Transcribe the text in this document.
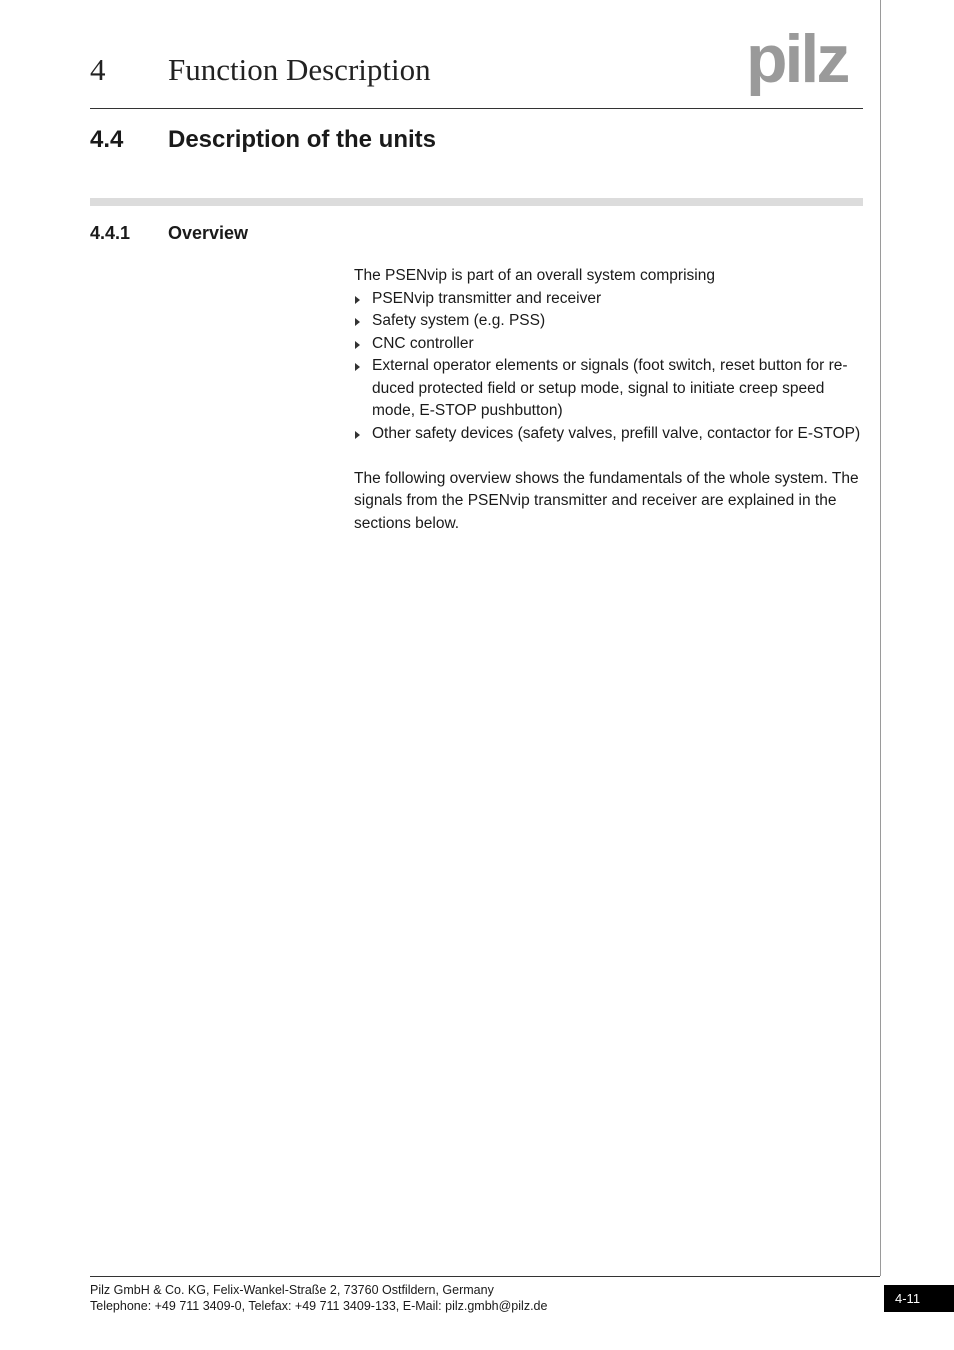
4 Function Description	pilz
4.4 Description of the units
4.4.1 Overview

The PSENvip is part of an overall system comprising

PSENvip transmitter and receiver
Safety system (e.g. PSS)
CNC controller
External operator elements or signals (foot switch, reset button for re-duced protected field or setup mode, signal to initiate creep speed mode, E-STOP pushbutton)
Other safety devices (safety valves, prefill valve, contactor for E-STOP)

The following overview shows the fundamentals of the whole system. The signals from the PSENvip transmitter and receiver are explained in the sections below.

Pilz GmbH & Co. KG, Felix-Wankel-Straße 2, 73760 Ostfildern, Germany
Telephone: +49 711 3409-0, Telefax: +49 711 3409-133, E-Mail: pilz.gmbh@pilz.de	4-11
